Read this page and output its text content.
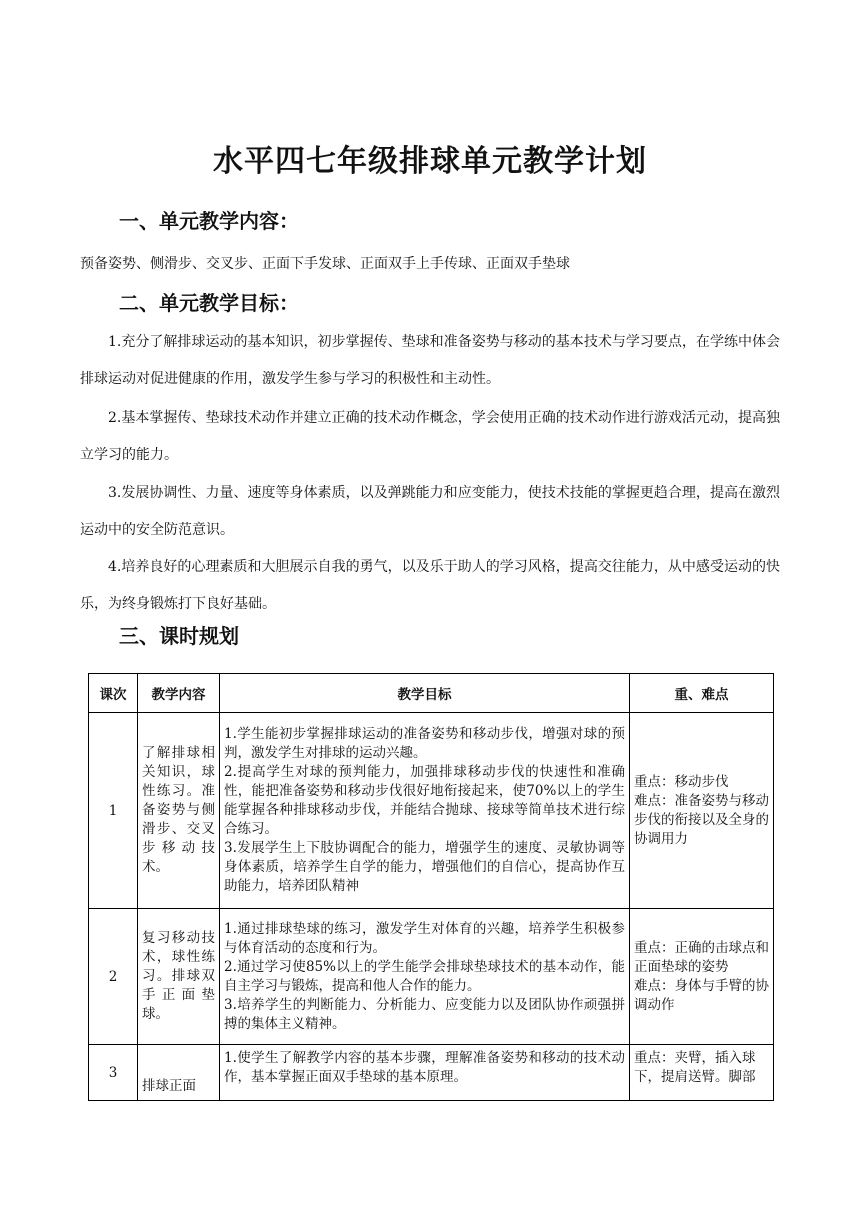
水平四七年级排球单元教学计划
一、单元教学内容：
预备姿势、侧滑步、交叉步、正面下手发球、正面双手上手传球、正面双手垫球
二、单元教学目标：
1.充分了解排球运动的基本知识，初步掌握传、垫球和准备姿势与移动的基本技术与学习要点，在学练中体会排球运动对促进健康的作用，激发学生参与学习的积极性和主动性。
2.基本掌握传、垫球技术动作并建立正确的技术动作概念，学会使用正确的技术动作进行游戏活元动，提高独立学习的能力。
3.发展协调性、力量、速度等身体素质，以及弹跳能力和应变能力，使技术技能的掌握更趋合理，提高在激烈运动中的安全防范意识。
4.培养良好的心理素质和大胆展示自我的勇气，以及乐于助人的学习风格，提高交往能力，从中感受运动的快乐，为终身锻炼打下良好基础。
三、课时规划
课次	教学内容	教学目标	重、难点
1	了解排球相关知识，球性练习。准备姿势与侧滑步、交叉步移动技术。	1.学生能初步掌握排球运动的准备姿势和移动步伐，增强对球的预判，激发学生对排球的运动兴趣。
2.提高学生对球的预判能力，加强排球移动步伐的快速性和准确性，能把准备姿势和移动步伐很好地衔接起来，使70%以上的学生能掌握各种排球移动步伐，并能结合抛球、接球等简单技术进行综合练习。
3.发展学生上下肢协调配合的能力，增强学生的速度、灵敏协调等身体素质，培养学生自学的能力，增强他们的自信心，提高协作互助能力，培养团队精神	重点：移动步伐
难点：准备姿势与移动步伐的衔接以及全身的协调用力

2	复习移动技术，球性练习。排球双手正面垫球。	1.通过排球垫球的练习，激发学生对体育的兴趣，培养学生积极参与体育活动的态度和行为。
2.通过学习使85%以上的学生能学会排球垫球技术的基本动作，能自主学习与锻炼，提高和他人合作的能力。
3.培养学生的判断能力、分析能力、应变能力以及团队协作顽强拼搏的集体主义精神。	重点：正确的击球点和正面垫球的姿势
难点：身体与手臂的协调动作

3	排球正面	1.使学生了解教学内容的基本步骤，理解准备姿势和移动的技术动作，基本掌握正面双手垫球的基本原理。	重点：夹臂，插入球下，提肩送臂。脚部
